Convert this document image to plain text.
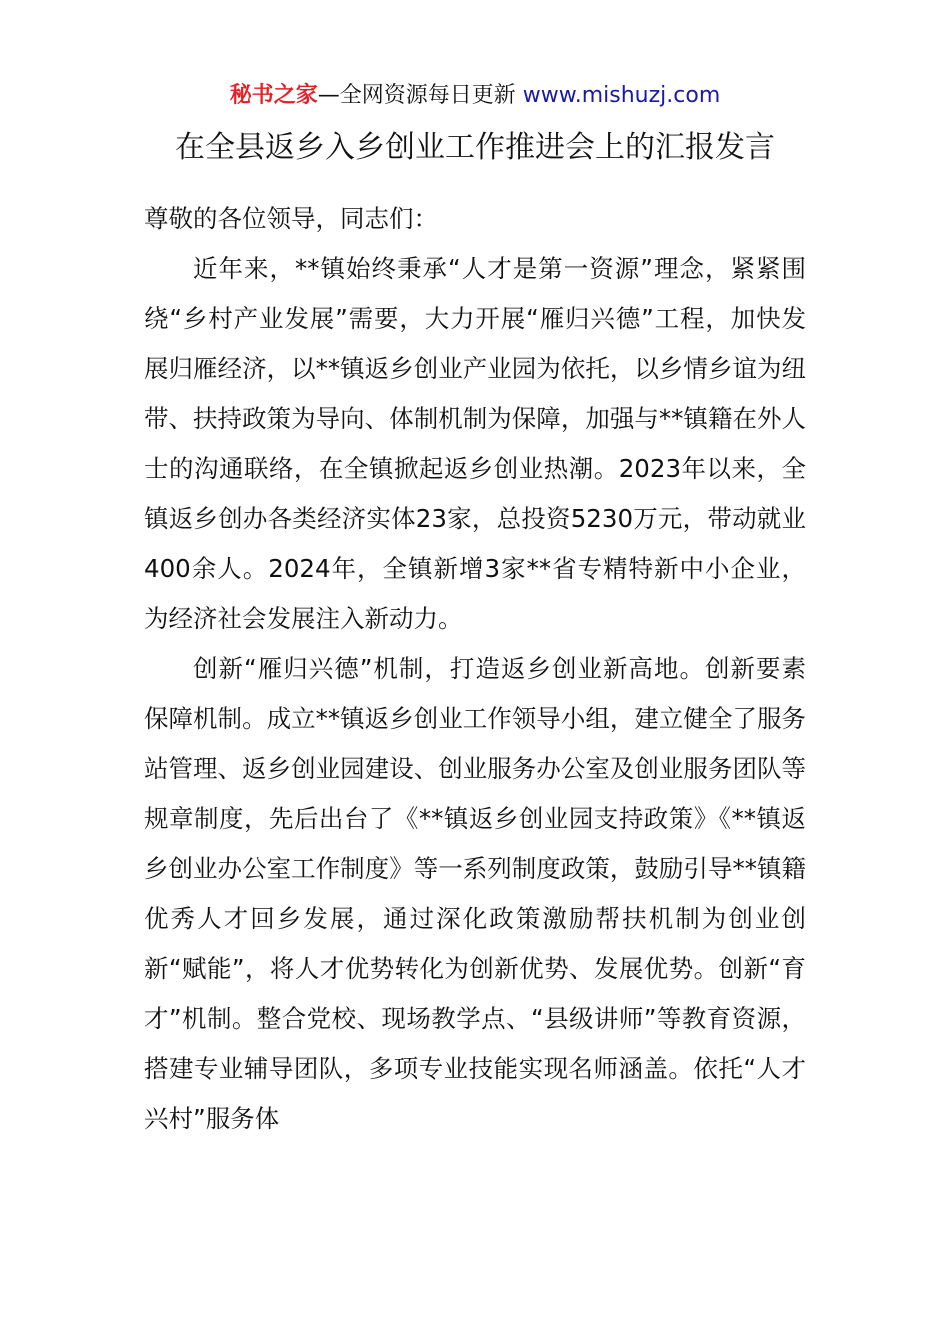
秘书之家—全网资源每日更新 www.mishuzj.com
在全县返乡入乡创业工作推进会上的汇报发言

尊敬的各位领导，同志们：

近年来，**镇始终秉承“人才是第一资源”理念，紧紧围绕“乡村产业发展”需要，大力开展“雁归兴德”工程，加快发展归雁经济，以**镇返乡创业产业园为依托，以乡情乡谊为纽带、扶持政策为导向、体制机制为保障，加强与**镇籍在外人士的沟通联络，在全镇掀起返乡创业热潮。2023年以来，全镇返乡创办各类经济实体23家，总投资5230万元，带动就业400余人。2024年，全镇新增3家**省专精特新中小企业，为经济社会发展注入新动力。

创新“雁归兴德”机制，打造返乡创业新高地。创新要素保障机制。成立**镇返乡创业工作领导小组，建立健全了服务站管理、返乡创业园建设、创业服务办公室及创业服务团队等规章制度，先后出台了《**镇返乡创业园支持政策》《**镇返乡创业办公室工作制度》等一系列制度政策，鼓励引导**镇籍优秀人才回乡发展，通过深化政策激励帮扶机制为创业创新“赋能”，将人才优势转化为创新优势、发展优势。创新“育才”机制。整合党校、现场教学点、“县级讲师”等教育资源，搭建专业辅导团队，多项专业技能实现名师涵盖。依托“人才兴村”服务体
